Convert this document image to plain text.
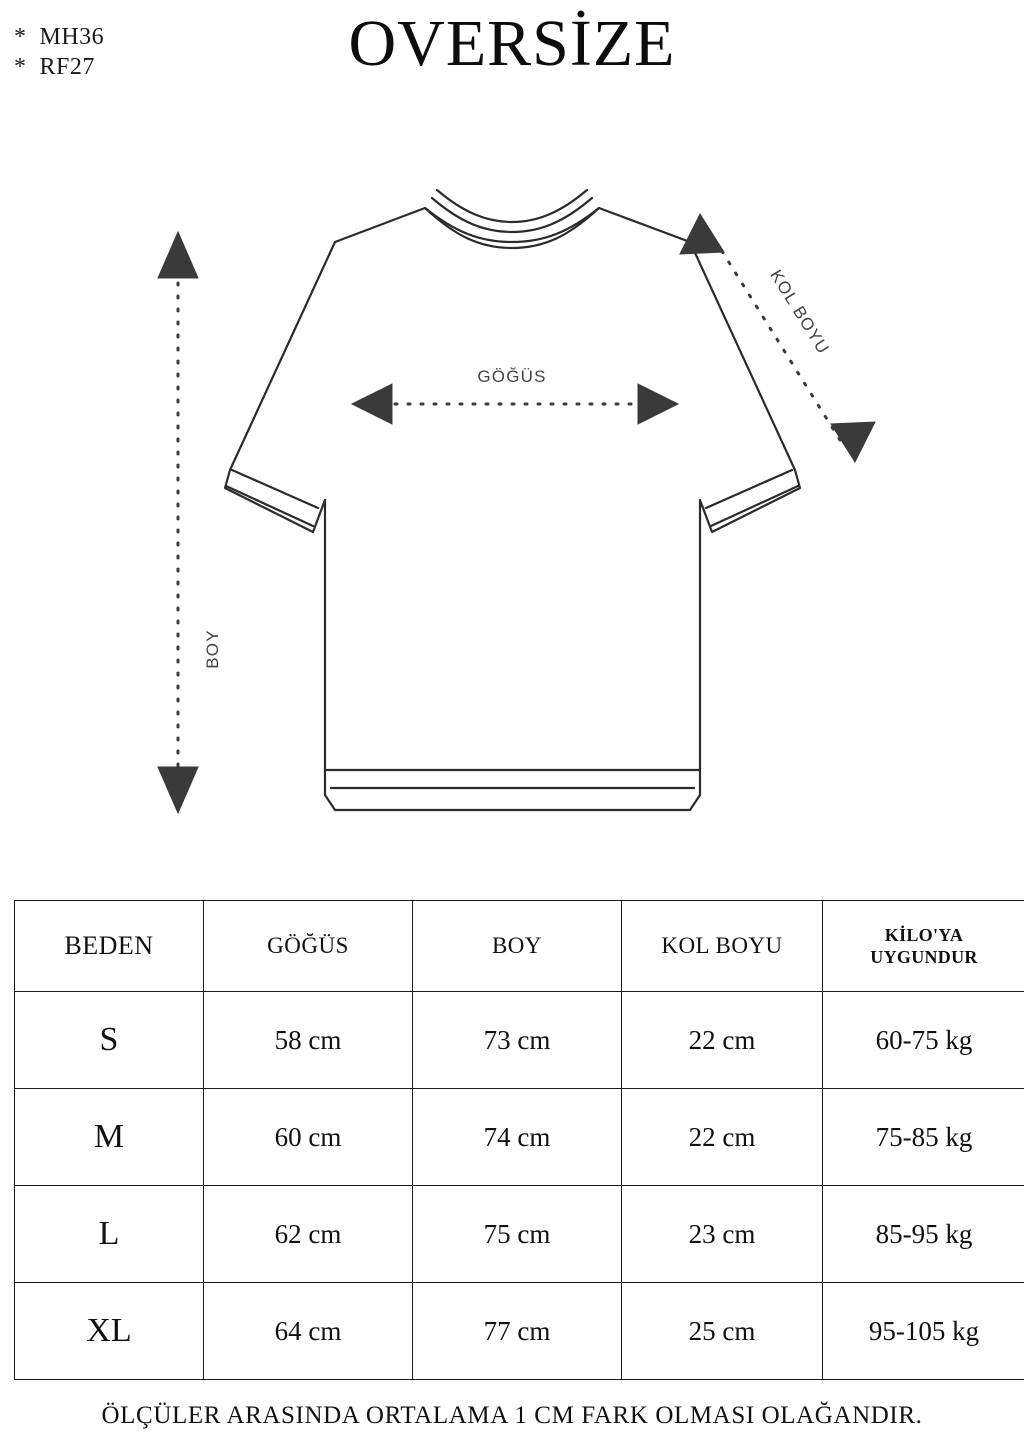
*  MH36
*  RF27	OVERSİZE
BOY
GÖĞÜS
KOL BOYU
BEDEN	GÖĞÜS	BOY	KOL BOYU	KİLO'YA
UYGUNDUR

S	58 cm	73 cm	22 cm	60-75 kg
M	60 cm	74 cm	22 cm	75-85 kg
L	62 cm	75 cm	23 cm	85-95 kg
XL	64 cm	77 cm	25 cm	95-105 kg
ÖLÇÜLER ARASINDA ORTALAMA 1 CM FARK OLMASI OLAĞANDIR.
